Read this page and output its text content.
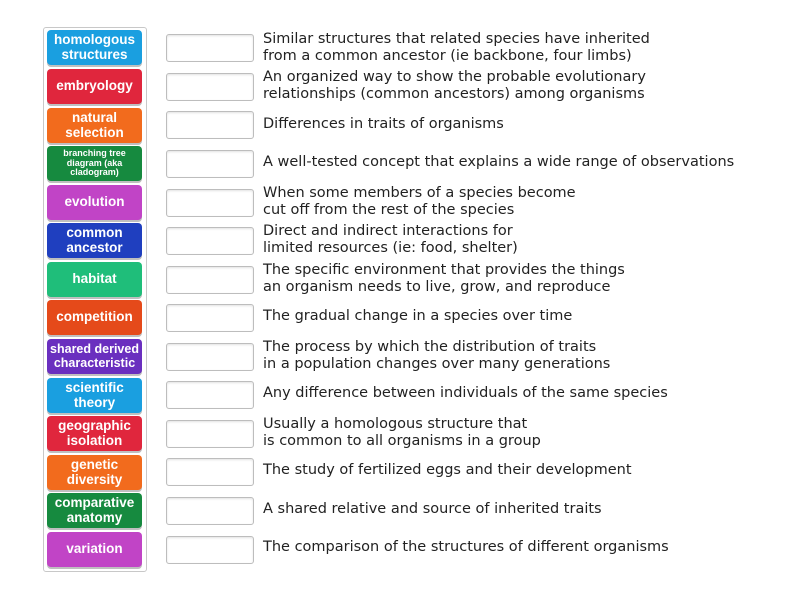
homologous structures
embryology
natural selection
branching tree diagram (aka cladogram)
evolution
common ancestor
habitat
competition
shared derived characteristic
scientific theory
geographic isolation
genetic diversity
comparative anatomy
variation
Similar structures that related species have inherited
from a common ancestor (ie backbone, four limbs)
An organized way to show the probable evolutionary
relationships (common ancestors) among organisms
Differences in traits of organisms
A well-tested concept that explains a wide range of observations
When some members of a species become
cut off from the rest of the species
Direct and indirect interactions for
limited resources (ie: food, shelter)
The specific environment that provides the things
an organism needs to live, grow, and reproduce
The gradual change in a species over time
The process by which the distribution of traits
in a population changes over many generations
Any difference between individuals of the same species
Usually a homologous structure that
is common to all organisms in a group
The study of fertilized eggs and their development
A shared relative and source of inherited traits
The comparison of the structures of different organisms
